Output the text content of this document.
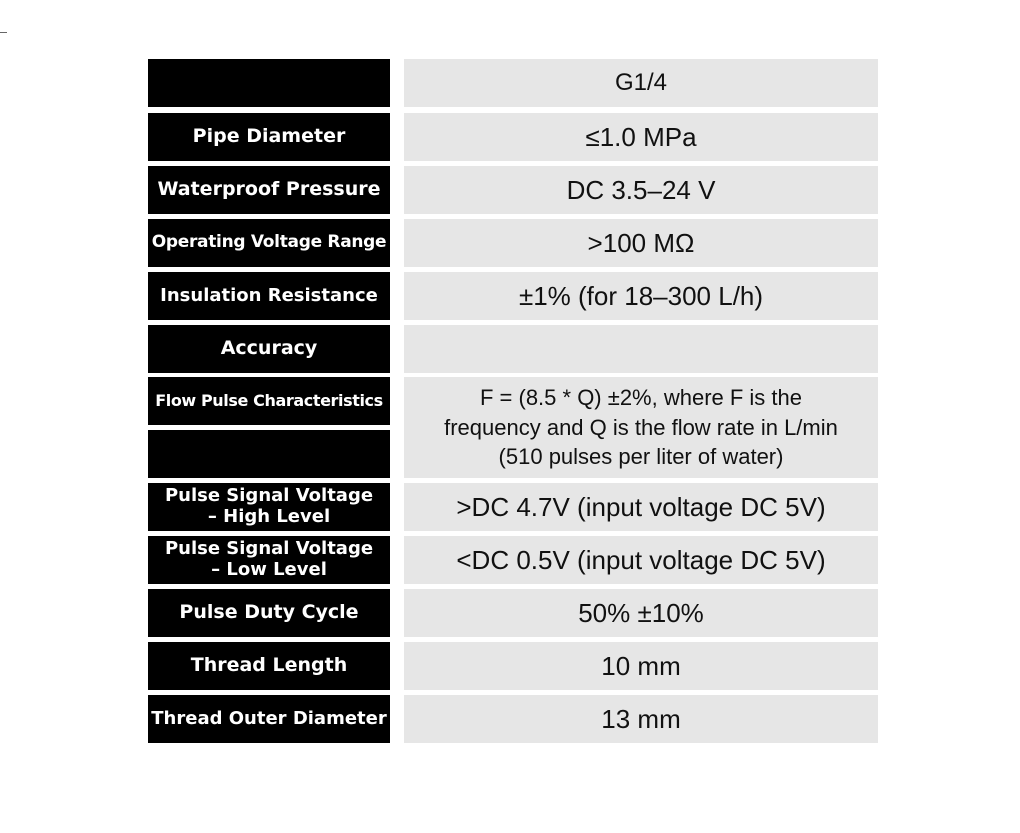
Pipe Diameter
Waterproof Pressure
Operating Voltage Range
Insulation Resistance
Accuracy
Flow Pulse Characteristics
Pulse Signal Voltage
– High Level
Pulse Signal Voltage
– Low Level
Pulse Duty Cycle
Thread Length
Thread Outer Diameter
G1/4
≤1.0 MPa
DC 3.5–24 V
>100 MΩ
±1% (for 18–300 L/h)
F = (8.5 * Q) ±2%, where F is the
frequency and Q is the flow rate in L/min
(510 pulses per liter of water)
>DC 4.7V (input voltage DC 5V)
<DC 0.5V (input voltage DC 5V)
50% ±10%
10 mm
13 mm
